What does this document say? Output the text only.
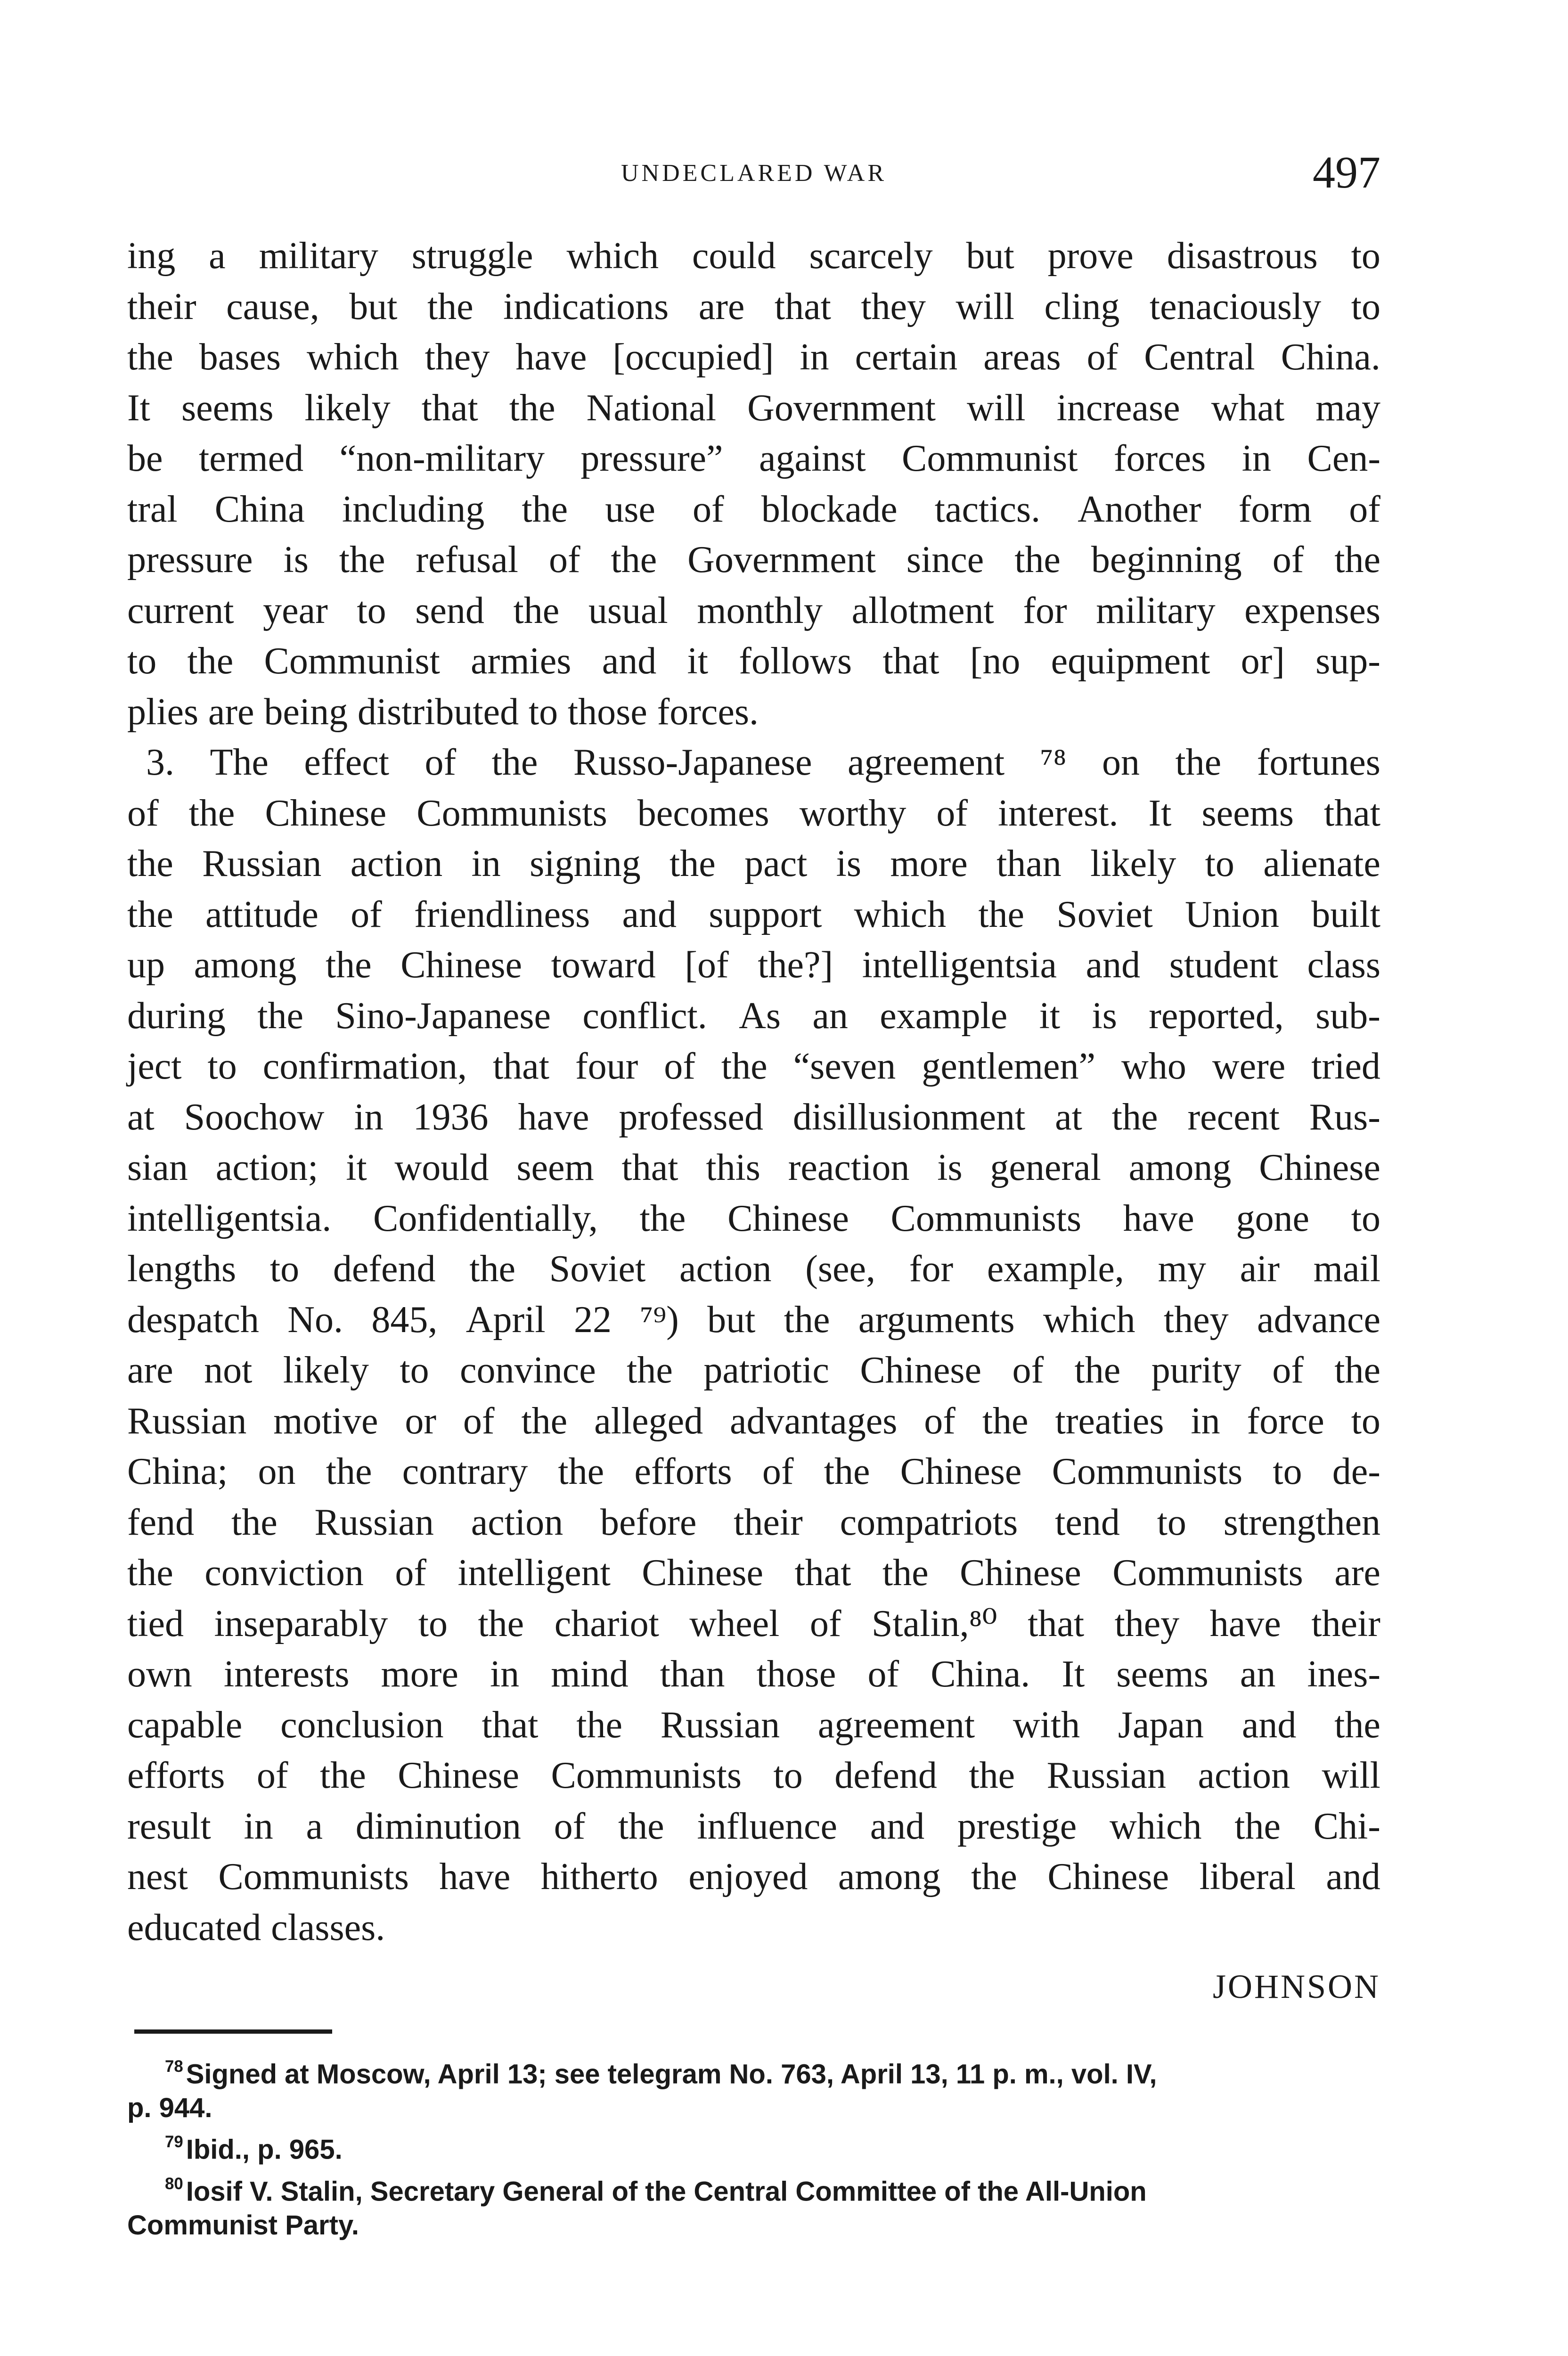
UNDECLARED WAR	497
ing a military struggle which could scarcely but prove disastrous to
their cause, but the indications are that they will cling tenaciously to
the bases which they have [occupied] in certain areas of Central China.
It seems likely that the National Government will increase what may
be termed “non-military pressure” against Communist forces in Cen-
tral China including the use of blockade tactics. Another form of
pressure is the refusal of the Government since the beginning of the
current year to send the usual monthly allotment for military expenses
to the Communist armies and it follows that [no equipment or] sup-
plies are being distributed to those forces.
3. The effect of the Russo-Japanese agreement ⁷⁸ on the fortunes
of the Chinese Communists becomes worthy of interest. It seems that
the Russian action in signing the pact is more than likely to alienate
the attitude of friendliness and support which the Soviet Union built
up among the Chinese toward [of the?] intelligentsia and student class
during the Sino-Japanese conflict. As an example it is reported, sub-
ject to confirmation, that four of the “seven gentlemen” who were tried
at Soochow in 1936 have professed disillusionment at the recent Rus-
sian action; it would seem that this reaction is general among Chinese
intelligentsia. Confidentially, the Chinese Communists have gone to
lengths to defend the Soviet action (see, for example, my air mail
despatch No. 845, April 22 ⁷⁹) but the arguments which they advance
are not likely to convince the patriotic Chinese of the purity of the
Russian motive or of the alleged advantages of the treaties in force to
China; on the contrary the efforts of the Chinese Communists to de-
fend the Russian action before their compatriots tend to strengthen
the conviction of intelligent Chinese that the Chinese Communists are
tied inseparably to the chariot wheel of Stalin,⁸⁰ that they have their
own interests more in mind than those of China. It seems an ines-
capable conclusion that the Russian agreement with Japan and the
efforts of the Chinese Communists to defend the Russian action will
result in a diminution of the influence and prestige which the Chi-
nest Communists have hitherto enjoyed among the Chinese liberal and
educated classes.
JOHNSON
$^{78}$ Signed at Moscow, April 13; see telegram No. 763, April 13, 11 p. m., vol. IV,
p. 944.
$^{79}$ Ibid., p. 965.
$^{80}$ Iosif V. Stalin, Secretary General of the Central Committee of the All-Union
Communist Party.
